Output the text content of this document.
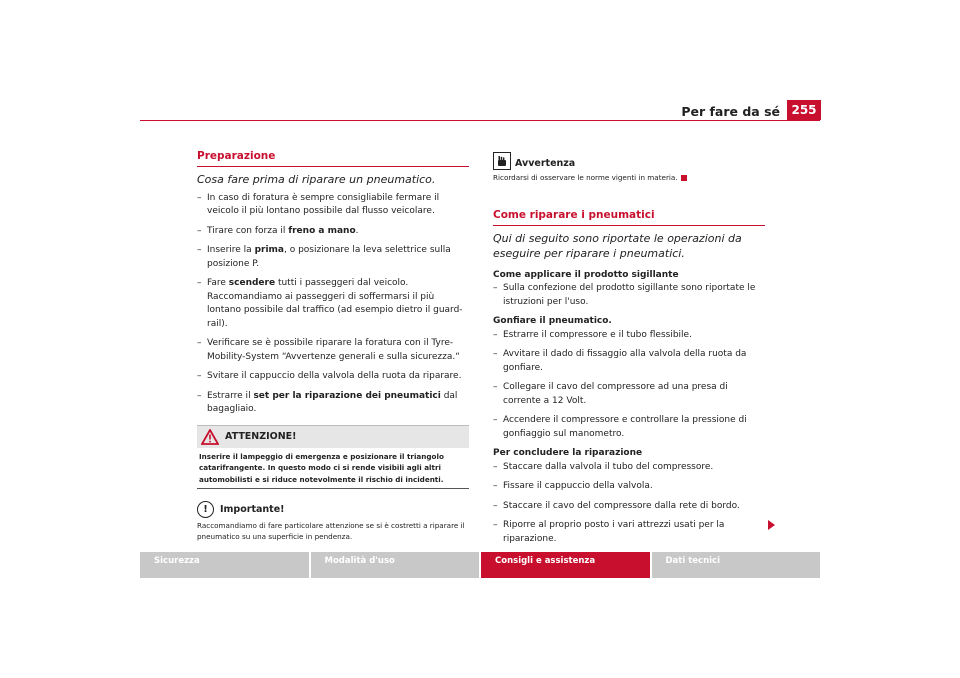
Per fare da sé 255
Preparazione
Cosa fare prima di riparare un pneumatico.
– In caso di foratura è sempre consigliabile fermare il veicolo il più lontano possibile dal flusso veicolare.
– Tirare con forza il freno a mano.
– Inserire la prima, o posizionare la leva selettrice sulla posizione P.
– Fare scendere tutti i passeggeri dal veicolo. Raccomandiamo ai passeggeri di soffermarsi il più lontano possibile dal traffico (ad esempio dietro il guard-rail).
– Verificare se è possibile riparare la foratura con il Tyre-Mobility-System “Avvertenze generali e sulla sicurezza.“
– Svitare il cappuccio della valvola della ruota da riparare.
– Estrarre il set per la riparazione dei pneumatici dal bagagliaio.
ATTENZIONE!
Inserire il lampeggio di emergenza e posizionare il triangolo catarifrangente. In questo modo ci si rende visibili agli altri automobilisti e si riduce notevolmente il rischio di incidenti.
!	Importante!
Raccomandiamo di fare particolare attenzione se si è costretti a riparare il pneumatico su una superficie in pendenza.
Avvertenza
Ricordarsi di osservare le norme vigenti in materia.
Come riparare i pneumatici
Qui di seguito sono riportate le operazioni da eseguire per riparare i pneumatici.
Come applicare il prodotto sigillante
– Sulla confezione del prodotto sigillante sono riportate le istruzioni per l'uso.
Gonfiare il pneumatico.
– Estrarre il compressore e il tubo flessibile.
– Avvitare il dado di fissaggio alla valvola della ruota da gonfiare.
– Collegare il cavo del compressore ad una presa di corrente a 12 Volt.
– Accendere il compressore e controllare la pressione di gonfiaggio sul manometro.
Per concludere la riparazione
– Staccare dalla valvola il tubo del compressore.
– Fissare il cappuccio della valvola.
– Staccare il cavo del compressore dalla rete di bordo.
– Riporre al proprio posto i vari attrezzi usati per la riparazione.
Sicurezza	Modalità d'uso	Consigli e assistenza	Dati tecnici
